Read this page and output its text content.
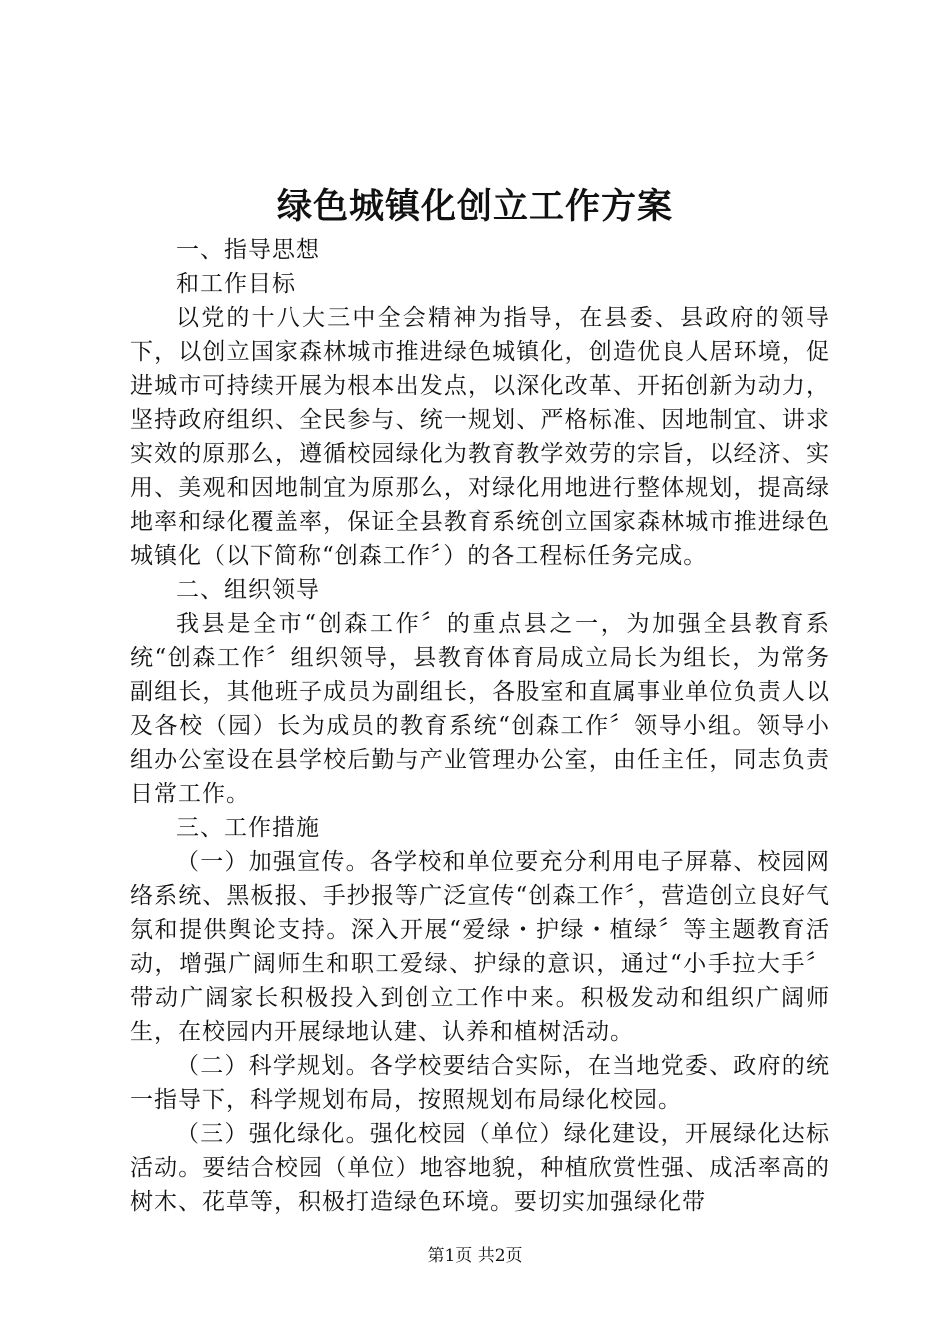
绿色城镇化创立工作方案

一、指导思想

和工作目标

以党的十八大三中全会精神为指导，在县委、县政府的领导下，以创立国家森林城市推进绿色城镇化，创造优良人居环境，促进城市可持续开展为根本出发点，以深化改革、开拓创新为动力，坚持政府组织、全民参与、统一规划、严格标准、因地制宜、讲求实效的原那么，遵循校园绿化为教育教学效劳的宗旨，以经济、实用、美观和因地制宜为原那么，对绿化用地进行整体规划，提高绿地率和绿化覆盖率，保证全县教育系统创立国家森林城市推进绿色城镇化（以下简称“创森工作〞）的各工程标任务完成。

二、组织领导

我县是全市“创森工作〞的重点县之一，为加强全县教育系统“创森工作〞组织领导，县教育体育局成立局长为组长，为常务副组长，其他班子成员为副组长，各股室和直属事业单位负责人以及各校（园）长为成员的教育系统“创森工作〞领导小组。领导小组办公室设在县学校后勤与产业管理办公室，由任主任，同志负责日常工作。

三、工作措施

（一）加强宣传。各学校和单位要充分利用电子屏幕、校园网络系统、黑板报、手抄报等广泛宣传“创森工作〞，营造创立良好气氛和提供舆论支持。深入开展“爱绿・护绿・植绿〞等主题教育活动，增强广阔师生和职工爱绿、护绿的意识，通过“小手拉大手〞带动广阔家长积极投入到创立工作中来。积极发动和组织广阔师生，在校园内开展绿地认建、认养和植树活动。

（二）科学规划。各学校要结合实际，在当地党委、政府的统一指导下，科学规划布局，按照规划布局绿化校园。

（三）强化绿化。强化校园（单位）绿化建设，开展绿化达标活动。要结合校园（单位）地容地貌，种植欣赏性强、成活率高的树木、花草等，积极打造绿色环境。要切实加强绿化带

第1页 共2页
